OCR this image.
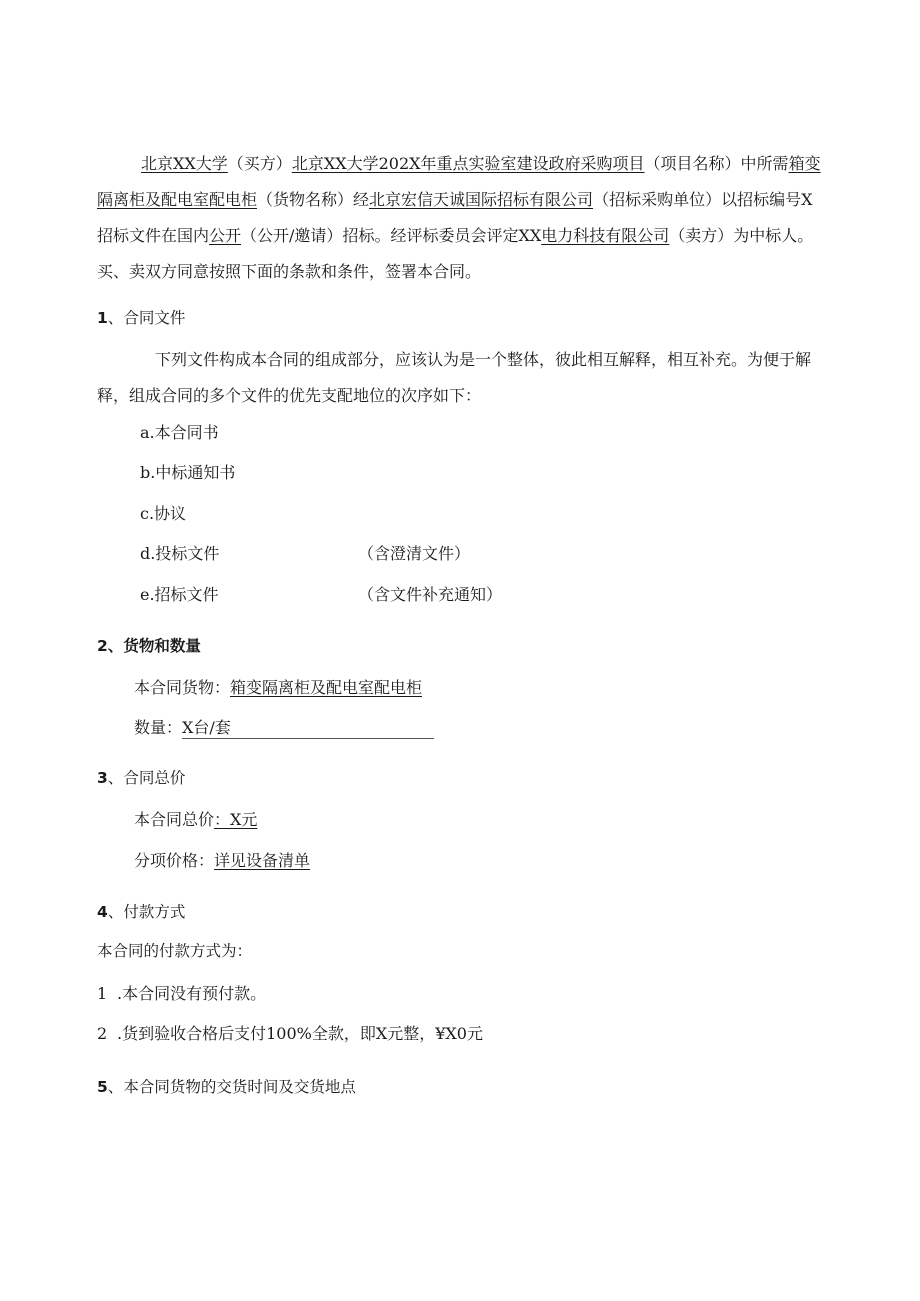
北京XX大学（买方）北京XX大学202X年重点实验室建设政府采购项目（项目名称）中所需箱变隔离柜及配电室配电柜（货物名称）经北京宏信天诚国际招标有限公司（招标采购单位）以招标编号X招标文件在国内公开（公开/邀请）招标。经评标委员会评定XX电力科技有限公司（卖方）为中标人。买、卖双方同意按照下面的条款和条件，签署本合同。
1、合同文件
下列文件构成本合同的组成部分，应该认为是一个整体，彼此相互解释，相互补充。为便于解释，组成合同的多个文件的优先支配地位的次序如下：
a.本合同书
b.中标通知书
c.协议
d.投标文件	（含澄清文件）
e.招标文件	（含文件补充通知）
2、货物和数量
本合同货物：箱变隔离柜及配电室配电柜
数量：X台/套
3、合同总价
本合同总价：X元
分项价格：详见设备清单
4、付款方式
本合同的付款方式为：
1 .本合同没有预付款。
2 .货到验收合格后支付100%全款，即X元整，¥X0元
5、本合同货物的交货时间及交货地点
